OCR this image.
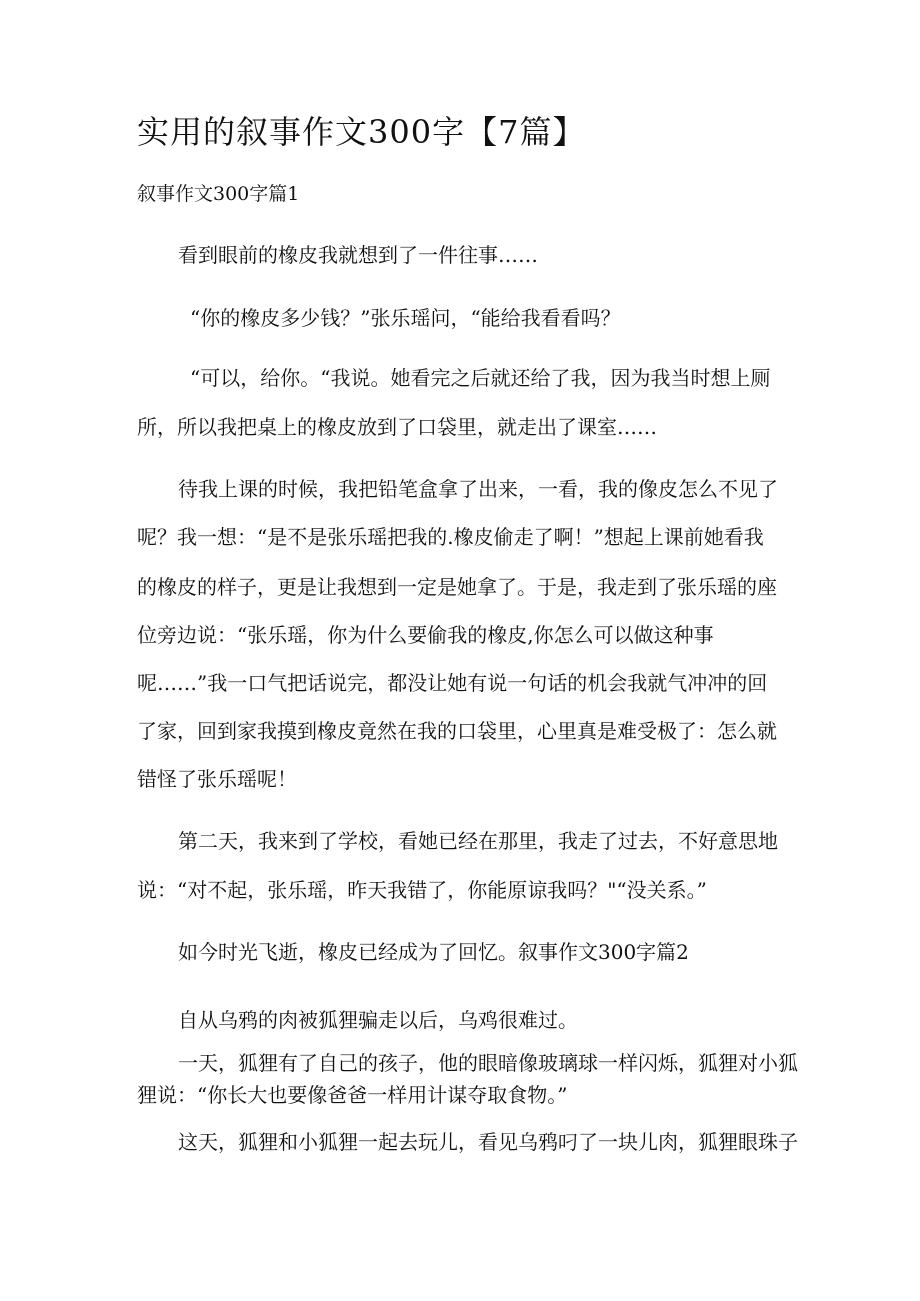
实用的叙事作文300字【7篇】
叙事作文300字篇1
看到眼前的橡皮我就想到了一件往事……
“你的橡皮多少钱？”张乐瑶问，“能给我看看吗？
“可以，给你。“我说。她看完之后就还给了我，因为我当时想上厕
所，所以我把桌上的橡皮放到了口袋里，就走出了课室……
待我上课的时候，我把铅笔盒拿了出来，一看，我的像皮怎么不见了
呢？我一想：“是不是张乐瑶把我的.橡皮偷走了啊！”想起上课前她看我
的橡皮的样子，更是让我想到一定是她拿了。于是，我走到了张乐瑶的座
位旁边说：“张乐瑶，你为什么要偷我的橡皮,你怎么可以做这种事
呢……”我一口气把话说完，都没让她有说一句话的机会我就气冲冲的回
了家，回到家我摸到橡皮竟然在我的口袋里，心里真是难受极了：怎么就
错怪了张乐瑶呢！
第二天，我来到了学校，看她已经在那里，我走了过去，不好意思地
说：“对不起，张乐瑶，昨天我错了，你能原谅我吗？"“没关系。”
如今时光飞逝，橡皮已经成为了回忆。叙事作文300字篇2
自从乌鸦的肉被狐狸骗走以后，乌鸡很难过。
一天，狐狸有了自己的孩子，他的眼暗像玻璃球一样闪烁，狐狸对小狐
狸说：“你长大也要像爸爸一样用计谋夺取食物。”
这天，狐狸和小狐狸一起去玩儿，看见乌鸦叼了一块儿肉，狐狸眼珠子
